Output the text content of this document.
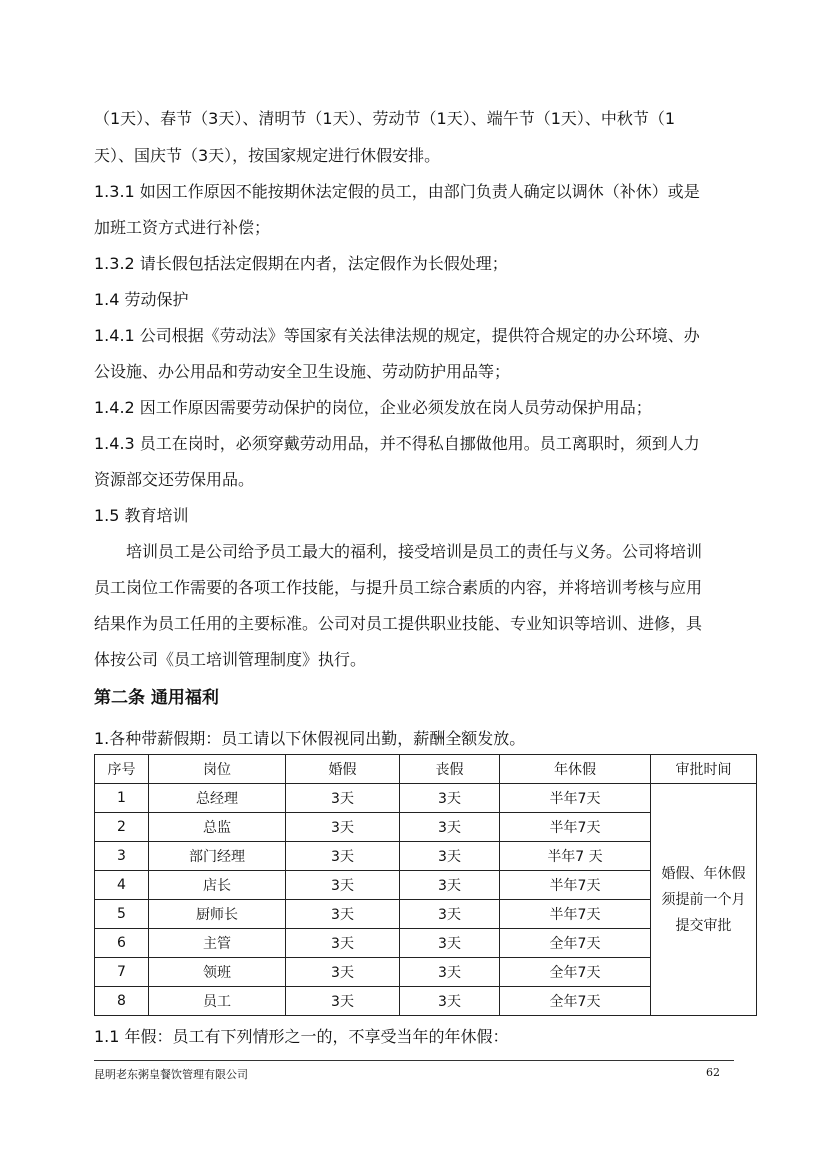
（1天）、春节（3天）、清明节（1天）、劳动节（1天）、端午节（1天）、中秋节（1
天）、国庆节（3天），按国家规定进行休假安排。
1.3.1 如因工作原因不能按期休法定假的员工，由部门负责人确定以调休（补休）或是
加班工资方式进行补偿；
1.3.2 请长假包括法定假期在内者，法定假作为长假处理；
1.4 劳动保护
1.4.1 公司根据《劳动法》等国家有关法律法规的规定，提供符合规定的办公环境、办
公设施、办公用品和劳动安全卫生设施、劳动防护用品等；
1.4.2 因工作原因需要劳动保护的岗位，企业必须发放在岗人员劳动保护用品；
1.4.3 员工在岗时，必须穿戴劳动用品，并不得私自挪做他用。员工离职时，须到人力
资源部交还劳保用品。
1.5 教育培训
　　培训员工是公司给予员工最大的福利，接受培训是员工的责任与义务。公司将培训
员工岗位工作需要的各项工作技能，与提升员工综合素质的内容，并将培训考核与应用
结果作为员工任用的主要标准。公司对员工提供职业技能、专业知识等培训、进修，具
体按公司《员工培训管理制度》执行。
第二条 通用福利
1.各种带薪假期：员工请以下休假视同出勤，薪酬全额发放。
序号	岗位	婚假	丧假	年休假	审批时间
1	总经理	3天	3天	半年7天	婚假、年休假
须提前一个月
提交审批

2	总监	3天	3天	半年7天	
3	部门经理	3天	3天	半年7 天	
4	店长	3天	3天	半年7天	
5	厨师长	3天	3天	半年7天	
6	主管	3天	3天	全年7天	
7	领班	3天	3天	全年7天	
8	员工	3天	3天	全年7天	
1.1 年假：员工有下列情形之一的，不享受当年的年休假：
昆明老东粥皇餐饮管理有限公司	62
